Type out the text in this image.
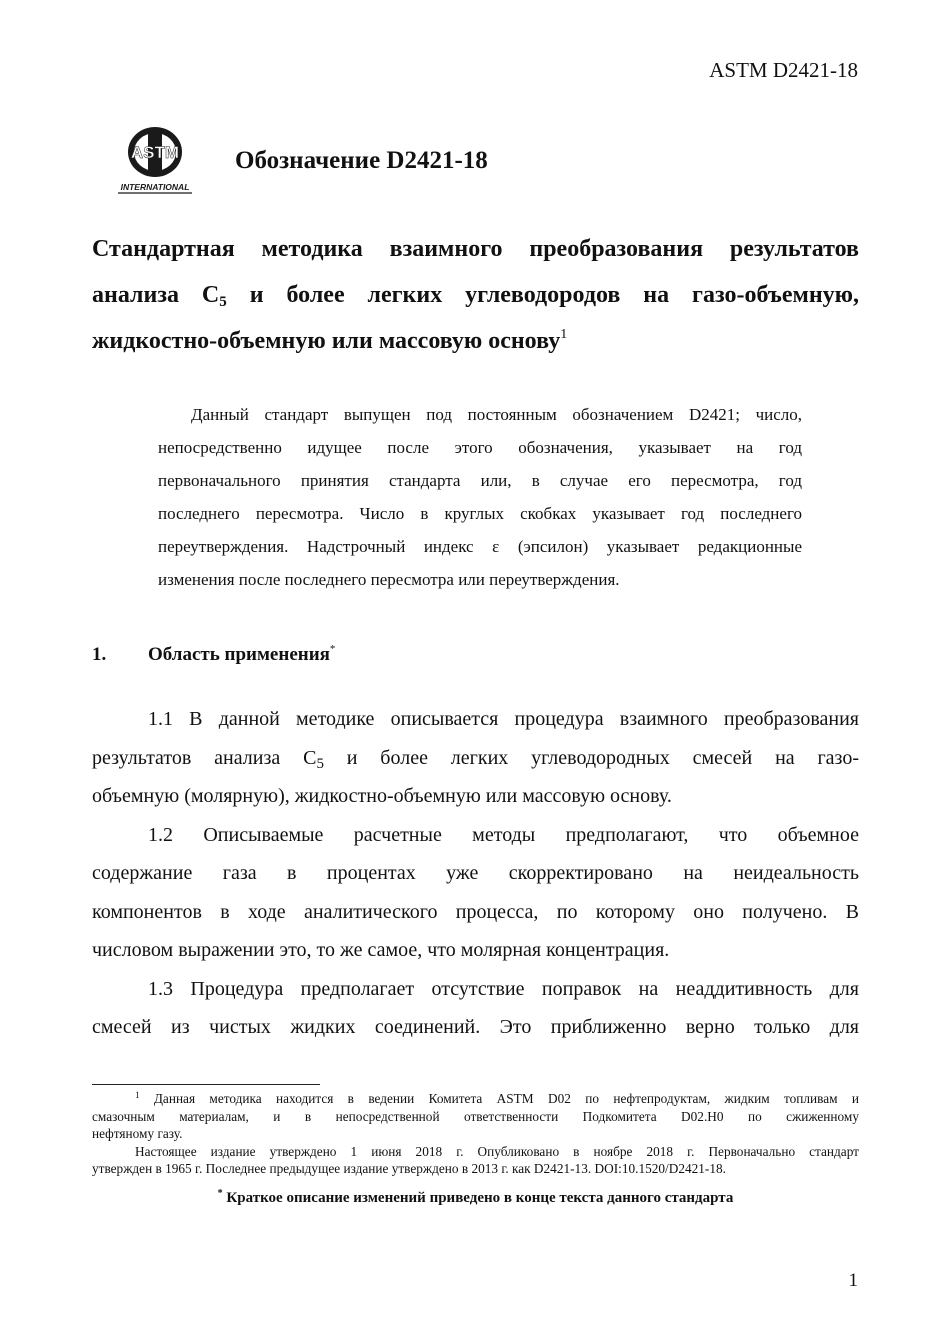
ASTM D2421-18
ASTM
INTERNATIONAL
Обозначение D2421-18
Стандартная методика взаимного преобразования результатов
анализа $С_5$ и более легких углеводородов на газо-объемную,
жидкостно-объемную или массовую основу$^1$
Данный стандарт выпущен под постоянным обозначением D2421; число,
непосредственно идущее после этого обозначения, указывает на год
первоначального принятия стандарта или, в случае его пересмотра, год
последнего пересмотра. Число в круглых скобках указывает год последнего
переутверждения. Надстрочный индекс ε (эпсилон) указывает редакционные
изменения после последнего пересмотра или переутверждения.
1. Область применения*
1.1 В данной методике описывается процедура взаимного преобразования
результатов анализа $С_5$ и более легких углеводородных смесей на газо-
объемную (молярную), жидкостно-объемную или массовую основу.
1.2 Описываемые расчетные методы предполагают, что объемное
содержание газа в процентах уже скорректировано на неидеальность
компонентов в ходе аналитического процесса, по которому оно получено. В
числовом выражении это, то же самое, что молярная концентрация.
1.3 Процедура предполагает отсутствие поправок на неаддитивность для
смесей из чистых жидких соединений. Это приближенно верно только для
$^1$ Данная методика находится в ведении Комитета ASTM D02 по нефтепродуктам, жидким топливам и
смазочным материалам, и в непосредственной ответственности Подкомитета D02.H0 по сжиженному
нефтяному газу.
Настоящее издание утверждено 1 июня 2018 г. Опубликовано в ноябре 2018 г. Первоначально стандарт
утвержден в 1965 г. Последнее предыдущее издание утверждено в 2013 г. как D2421-13. DOI:10.1520/D2421-18.
* Краткое описание изменений приведено в конце текста данного стандарта
1
